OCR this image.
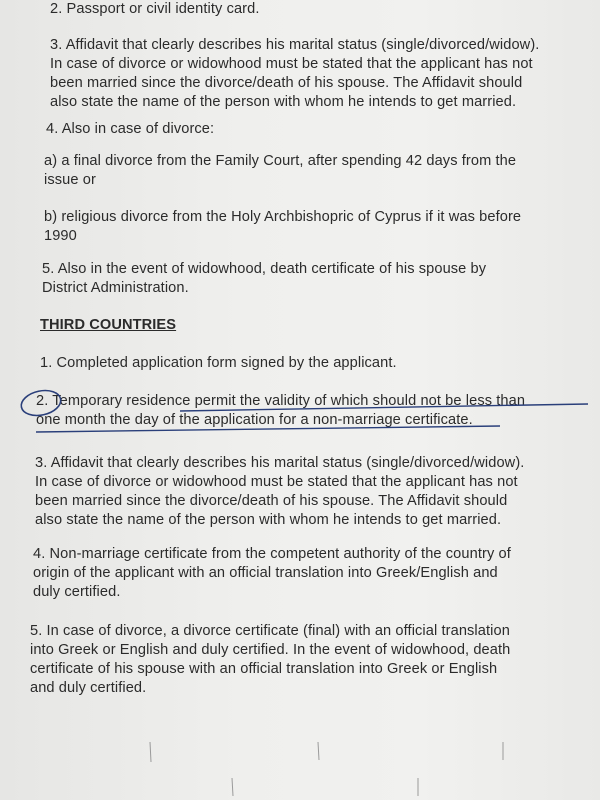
2. Passport or civil identity card.

3. Affidavit that clearly describes his marital status (single/divorced/widow).
In case of divorce or widowhood must be stated that the applicant has not
been married since the divorce/death of his spouse. The Affidavit should
also state the name of the person with whom he intends to get married.

4. Also in case of divorce:

a) a final divorce from the Family Court, after spending 42 days from the
issue or

b) religious divorce from the Holy Archbishopric of Cyprus if it was before
1990

5. Also in the event of widowhood, death certificate of his spouse by
District Administration.

THIRD COUNTRIES

1. Completed application form signed by the applicant.

2. Temporary residence permit the validity of which should not be less than
one month the day of the application for a non-marriage certificate.

3. Affidavit that clearly describes his marital status (single/divorced/widow).
In case of divorce or widowhood must be stated that the applicant has not
been married since the divorce/death of his spouse. The Affidavit should
also state the name of the person with whom he intends to get married.

4. Non-marriage certificate from the competent authority of the country of
origin of the applicant with an official translation into Greek/English and
duly certified.

5. In case of divorce, a divorce certificate (final) with an official translation
into Greek or English and duly certified. In the event of widowhood, death
certificate of his spouse with an official translation into Greek or English
and duly certified.
